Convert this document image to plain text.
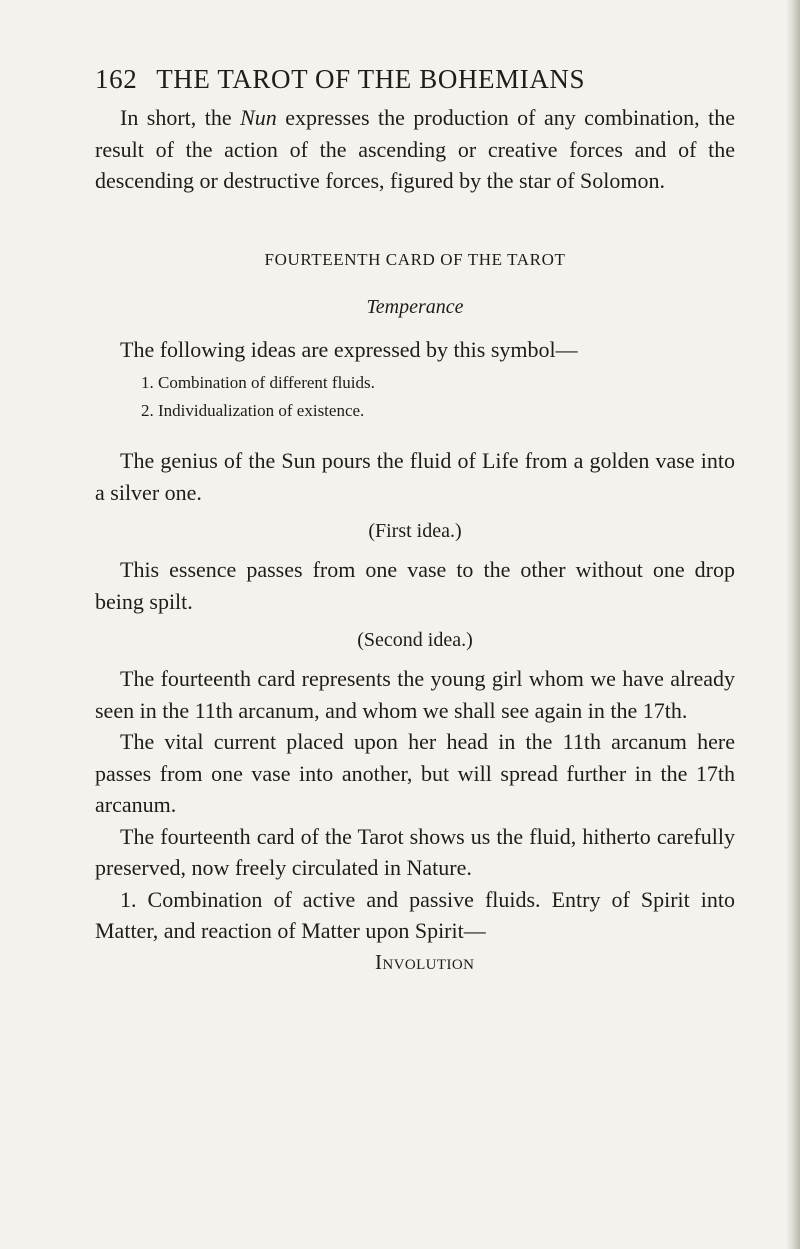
162 THE TAROT OF THE BOHEMIANS

In short, the Nun expresses the production of any combination, the result of the action of the ascending or creative forces and of the descending or destructive forces, figured by the star of Solomon.

FOURTEENTH CARD OF THE TAROT
Temperance

The following ideas are expressed by this symbol—

1. Combination of different fluids.
2. Individualization of existence.

The genius of the Sun pours the fluid of Life from a golden vase into a silver one.

(First idea.)

This essence passes from one vase to the other without one drop being spilt.

(Second idea.)

The fourteenth card represents the young girl whom we have already seen in the 11th arcanum, and whom we shall see again in the 17th.

The vital current placed upon her head in the 11th arcanum here passes from one vase into another, but will spread further in the 17th arcanum.

The fourteenth card of the Tarot shows us the fluid, hitherto carefully preserved, now freely circulated in Nature.

1. Combination of active and passive fluids. Entry of Spirit into Matter, and reaction of Matter upon Spirit—

Involution
